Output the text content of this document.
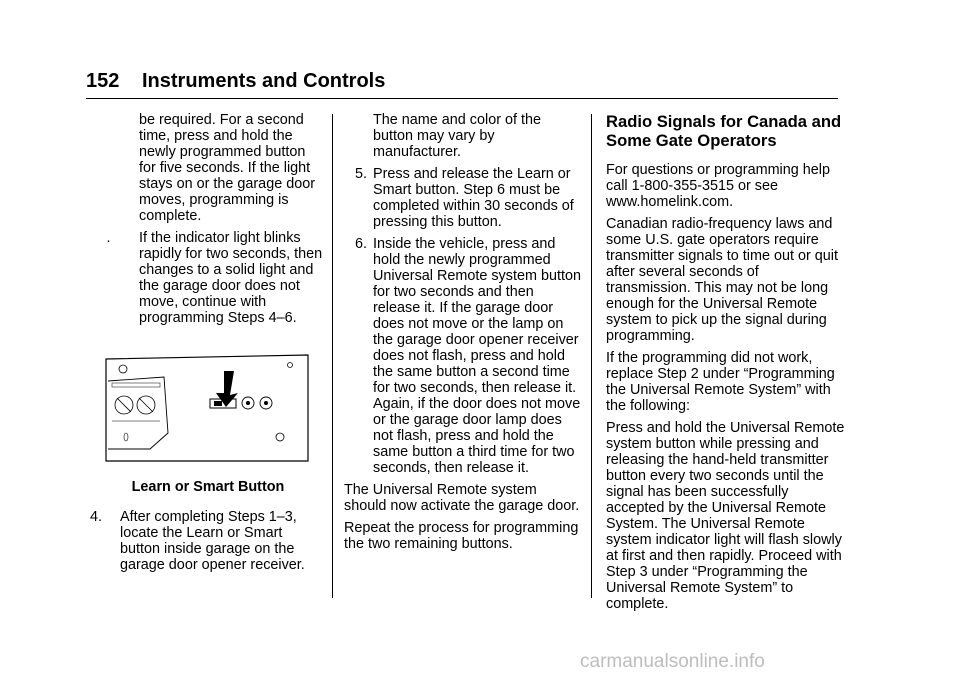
152 Instruments and Controls

be required. For a second time, press and hold the newly programmed button for five seconds. If the light stays on or the garage door moves, programming is complete.

.	If the indicator light blinks rapidly for two seconds, then changes to a solid light and the garage door does not move, continue with programming Steps 4–6.

Learn or Smart Button

4.	After completing Steps 1–3, locate the Learn or Smart button inside garage on the garage door opener receiver.

The name and color of the button may vary by manufacturer.

5. Press and release the Learn or Smart button. Step 6 must be completed within 30 seconds of pressing this button.
6. Inside the vehicle, press and hold the newly programmed Universal Remote system button for two seconds and then release it. If the garage door does not move or the lamp on the garage door opener receiver does not flash, press and hold the same button a second time for two seconds, then release it. Again, if the door does not move or the garage door lamp does not flash, press and hold the same button a third time for two seconds, then release it.

The Universal Remote system should now activate the garage door.

Repeat the process for programming the two remaining buttons.

Radio Signals for Canada and Some Gate Operators

For questions or programming help call 1-800-355-3515 or see www.homelink.com.

Canadian radio-frequency laws and some U.S. gate operators require transmitter signals to time out or quit after several seconds of transmission. This may not be long enough for the Universal Remote system to pick up the signal during programming.

If the programming did not work, replace Step 2 under “Programming the Universal Remote System” with the following:

Press and hold the Universal Remote system button while pressing and releasing the hand-held transmitter button every two seconds until the signal has been successfully accepted by the Universal Remote System. The Universal Remote system indicator light will flash slowly at first and then rapidly. Proceed with Step 3 under “Programming the Universal Remote System” to complete.

carmanualsonline.info
